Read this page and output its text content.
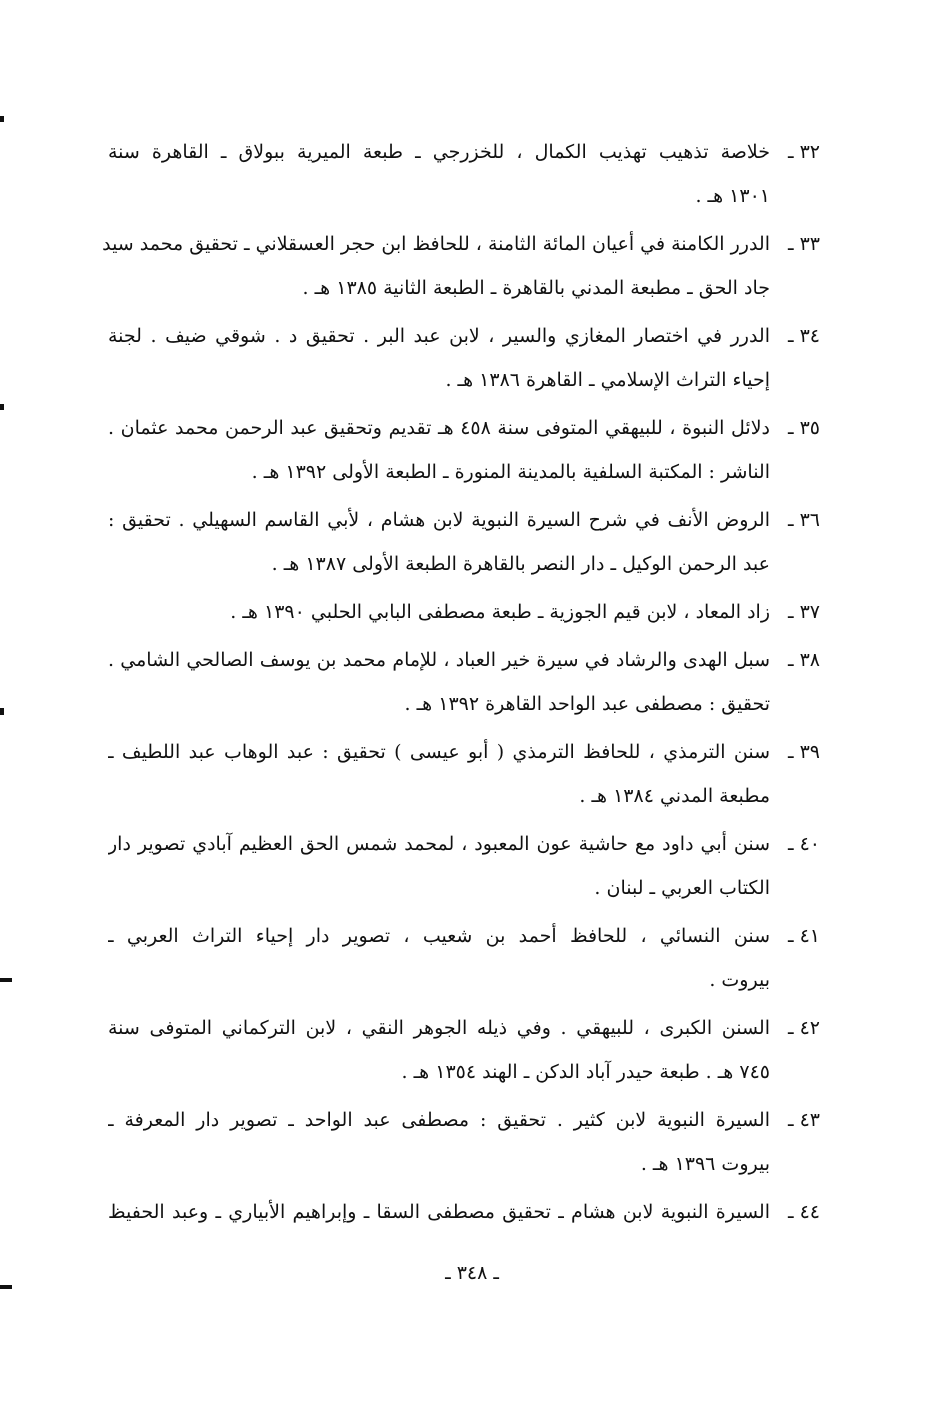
٣٢ ـ
خلاصة تذهيب تهذيب الكمال ، للخزرجي ـ طبعة الميرية ببولاق ـ القاهرة سنة
١٣٠١ هـ .
٣٣ ـ
الدرر الكامنة في أعيان المائة الثامنة ، للحافظ ابن حجر العسقلاني ـ تحقيق محمد سيد
جاد الحق ـ مطبعة المدني بالقاهرة ـ الطبعة الثانية ١٣٨٥ هـ .
٣٤ ـ
الدرر في اختصار المغازي والسير ، لابن عبد البر . تحقيق د . شوقي ضيف . لجنة
إحياء التراث الإسلامي ـ القاهرة ١٣٨٦ هـ .
٣٥ ـ
دلائل النبوة ، للبيهقي المتوفى سنة ٤٥٨ هـ تقديم وتحقيق عبد الرحمن محمد عثمان .
الناشر : المكتبة السلفية بالمدينة المنورة ـ الطبعة الأولى ١٣٩٢ هـ .
٣٦ ـ
الروض الأنف في شرح السيرة النبوية لابن هشام ، لأبي القاسم السهيلي . تحقيق :
عبد الرحمن الوكيل ـ دار النصر بالقاهرة الطبعة الأولى ١٣٨٧ هـ .
٣٧ ـ
زاد المعاد ، لابن قيم الجوزية ـ طبعة مصطفى البابي الحلبي ١٣٩٠ هـ .
٣٨ ـ
سبل الهدى والرشاد في سيرة خير العباد ، للإمام محمد بن يوسف الصالحي الشامي .
تحقيق : مصطفى عبد الواحد القاهرة ١٣٩٢ هـ .
٣٩ ـ
سنن الترمذي ، للحافظ الترمذي ( أبو عيسى ) تحقيق : عبد الوهاب عبد اللطيف ـ
مطبعة المدني ١٣٨٤ هـ .
٤٠ ـ
سنن أبي داود مع حاشية عون المعبود ، لمحمد شمس الحق العظيم آبادي تصوير دار
الكتاب العربي ـ لبنان .
٤١ ـ
سنن النسائي ، للحافظ أحمد بن شعيب ، تصوير دار إحياء التراث العربي ـ
بيروت .
٤٢ ـ
السنن الكبرى ، للبيهقي . وفي ذيله الجوهر النقي ، لابن التركماني المتوفى سنة
٧٤٥ هـ . طبعة حيدر آباد الدكن ـ الهند ١٣٥٤ هـ .
٤٣ ـ
السيرة النبوية لابن كثير . تحقيق : مصطفى عبد الواحد ـ تصوير دار المعرفة ـ
بيروت ١٣٩٦ هـ .
٤٤ ـ
السيرة النبوية لابن هشام ـ تحقيق مصطفى السقا ـ وإبراهيم الأبياري ـ وعبد الحفيظ
ـ ٣٤٨ ـ
